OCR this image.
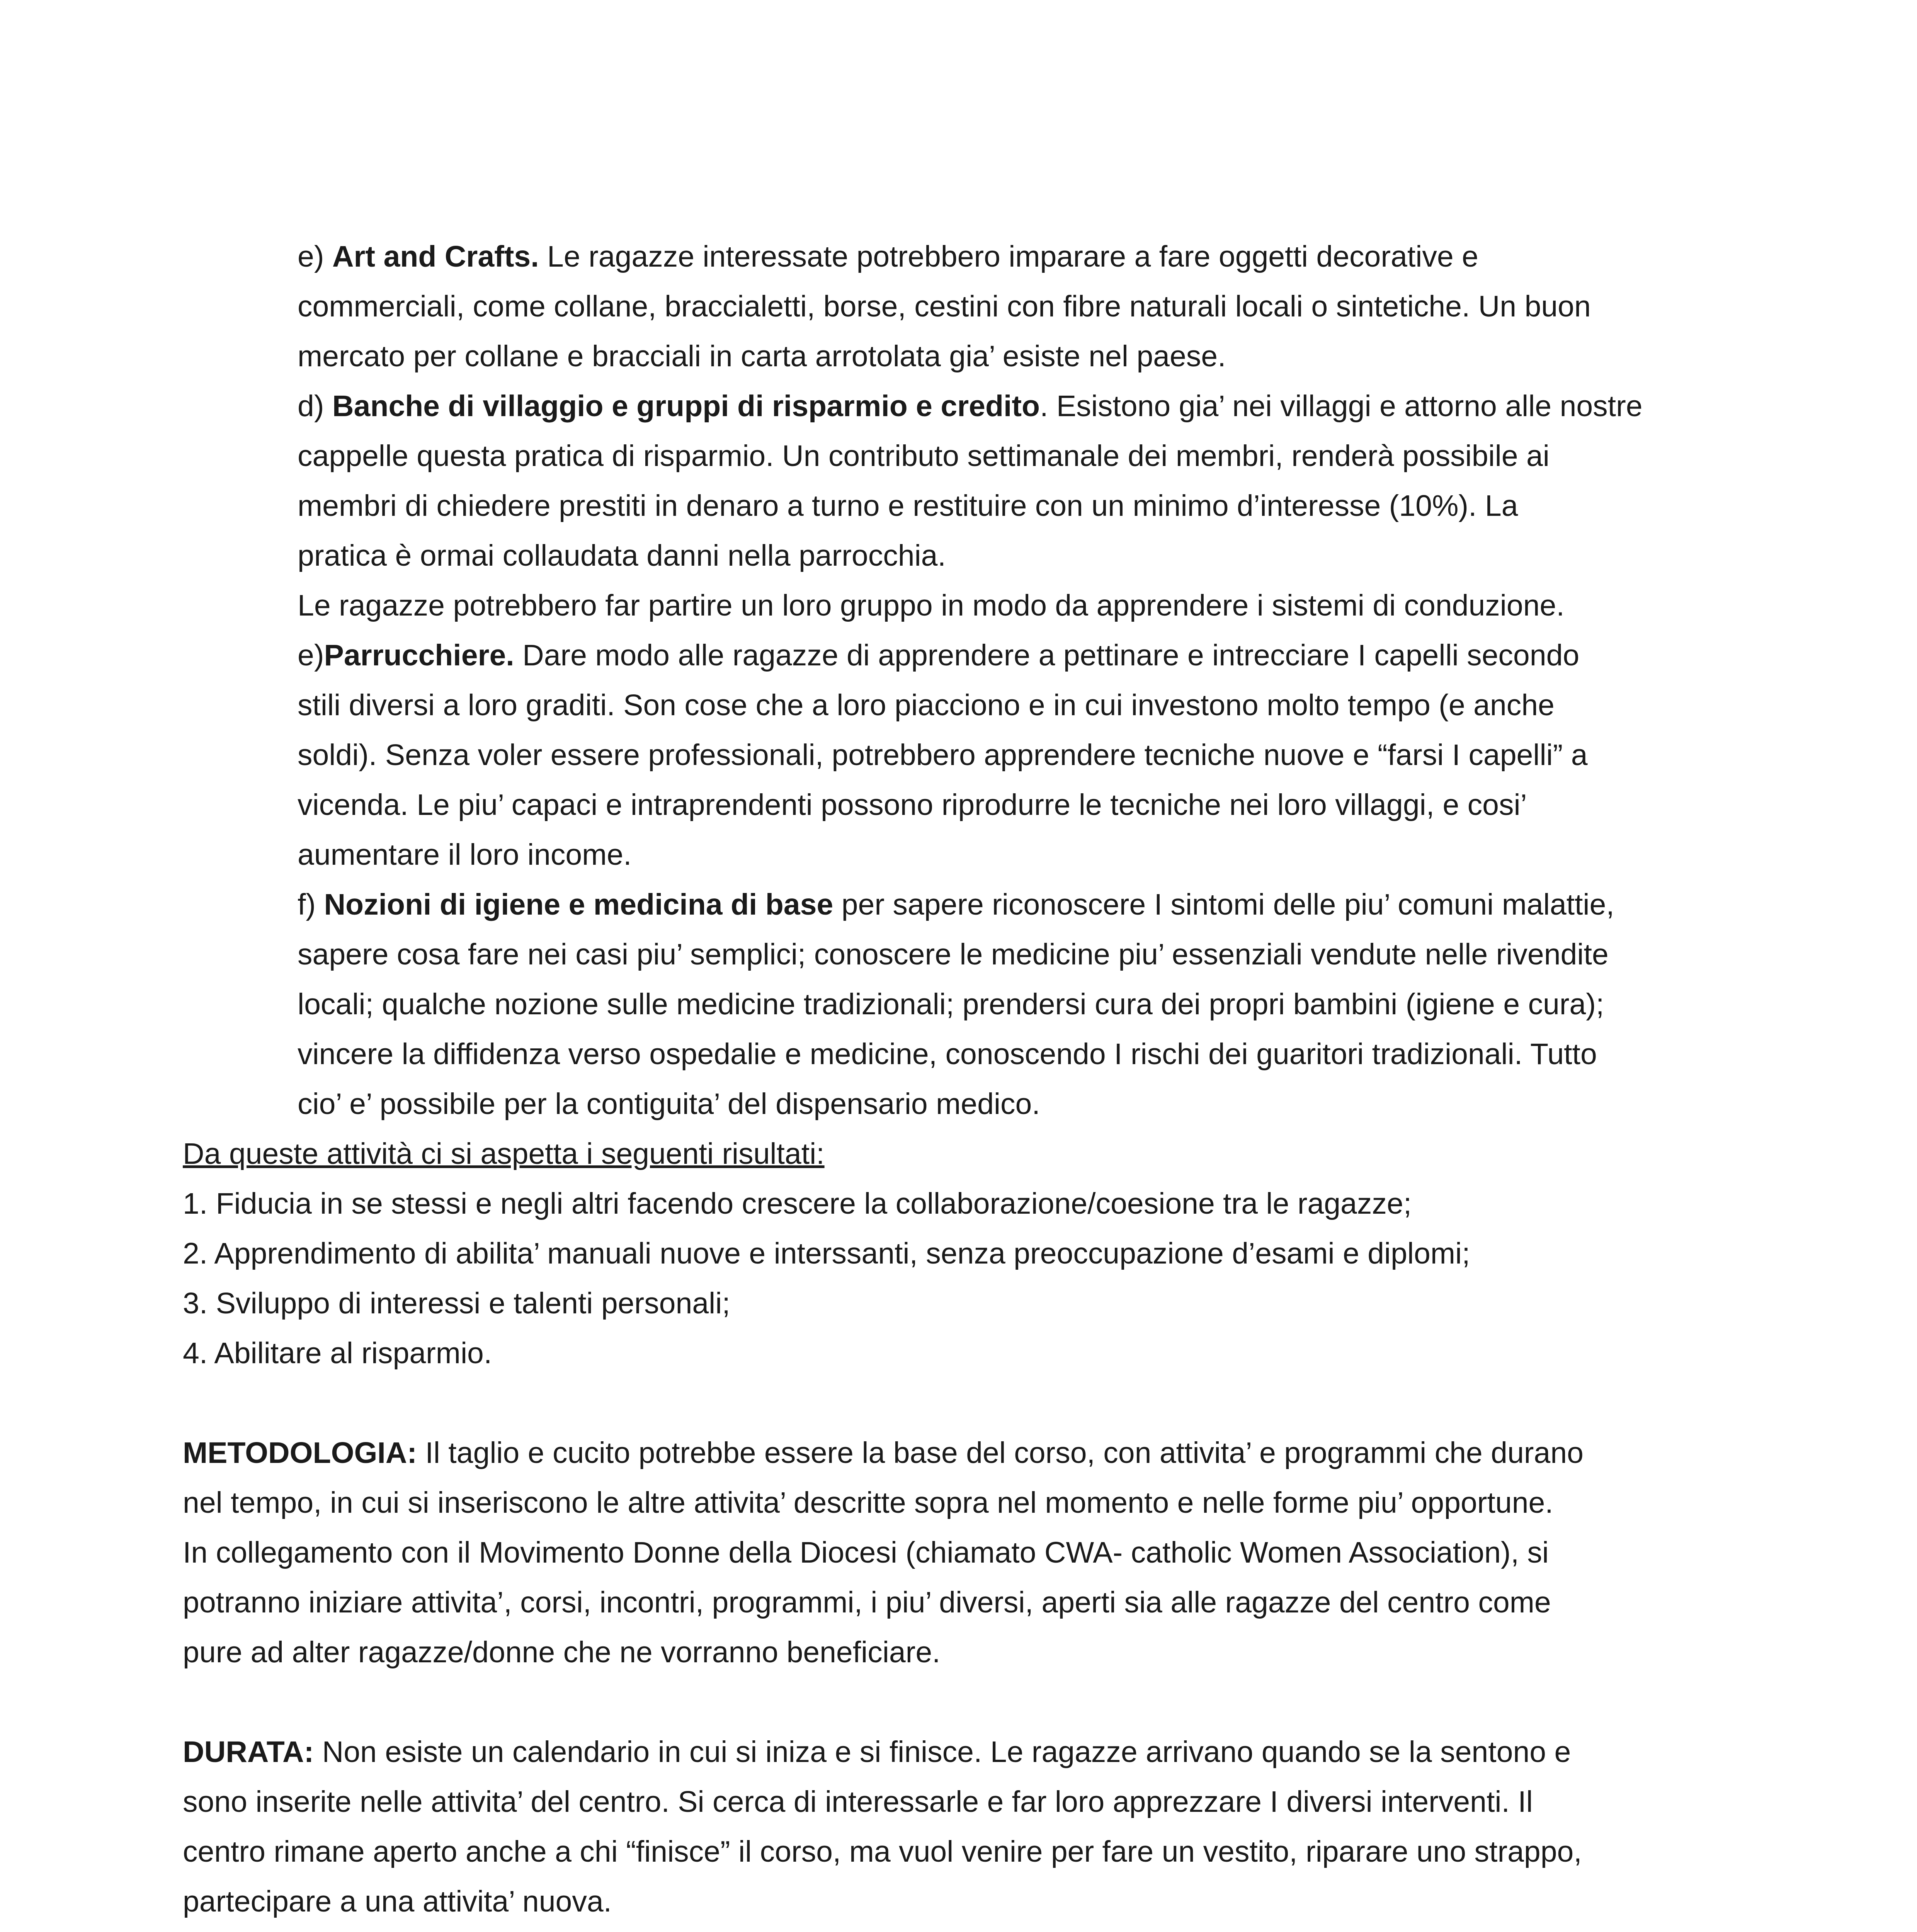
e) Art and Crafts. Le ragazze interessate potrebbero imparare a fare oggetti decorative e
commerciali, come collane, braccialetti, borse, cestini con fibre naturali locali o sintetiche. Un buon
mercato per collane e bracciali in carta arrotolata gia’ esiste nel paese.
d) Banche di villaggio e gruppi di risparmio e credito. Esistono gia’ nei villaggi e attorno alle nostre
cappelle questa pratica di risparmio. Un contributo settimanale dei membri, renderà possibile ai
membri di chiedere prestiti in denaro a turno e restituire con un minimo d’interesse (10%). La
pratica è ormai collaudata danni nella parrocchia.
Le ragazze potrebbero far partire un loro gruppo in modo da apprendere i sistemi di conduzione.
e)Parrucchiere. Dare modo alle ragazze di apprendere a pettinare e intrecciare I capelli secondo
stili diversi a loro graditi. Son cose che a loro piacciono e in cui investono molto tempo (e anche
soldi). Senza voler essere professionali, potrebbero apprendere tecniche nuove e “farsi I capelli” a
vicenda. Le piu’ capaci e intraprendenti possono riprodurre le tecniche nei loro villaggi, e cosi’
aumentare il loro income.
f) Nozioni di igiene e medicina di base per sapere riconoscere I sintomi delle piu’ comuni malattie,
sapere cosa fare nei casi piu’ semplici; conoscere le medicine piu’ essenziali vendute nelle rivendite
locali; qualche nozione sulle medicine tradizionali; prendersi cura dei propri bambini (igiene e cura);
vincere la diffidenza verso ospedalie e medicine, conoscendo I rischi dei guaritori tradizionali. Tutto
cio’ e’ possibile per la contiguita’ del dispensario medico.
Da queste attività ci si aspetta i seguenti risultati:
1. Fiducia in se stessi e negli altri facendo crescere la collaborazione/coesione tra le ragazze;
2. Apprendimento di abilita’ manuali nuove e interssanti, senza preoccupazione d’esami e diplomi;
3. Sviluppo di interessi e talenti personali;
4. Abilitare al risparmio.
METODOLOGIA: Il taglio e cucito potrebbe essere la base del corso, con attivita’ e programmi che durano
nel tempo, in cui si inseriscono le altre attivita’ descritte sopra nel momento e nelle forme piu’ opportune.
In collegamento con il Movimento Donne della Diocesi (chiamato CWA- catholic Women Association), si
potranno iniziare attivita’, corsi, incontri, programmi, i piu’ diversi, aperti sia alle ragazze del centro come
pure ad alter ragazze/donne che ne vorranno beneficiare.
DURATA: Non esiste un calendario in cui si iniza e si finisce. Le ragazze arrivano quando se la sentono e
sono inserite nelle attivita’ del centro. Si cerca di interessarle e far loro apprezzare I diversi interventi. Il
centro rimane aperto anche a chi “finisce” il corso, ma vuol venire per fare un vestito, riparare uno strappo,
partecipare a una attivita’ nuova.
